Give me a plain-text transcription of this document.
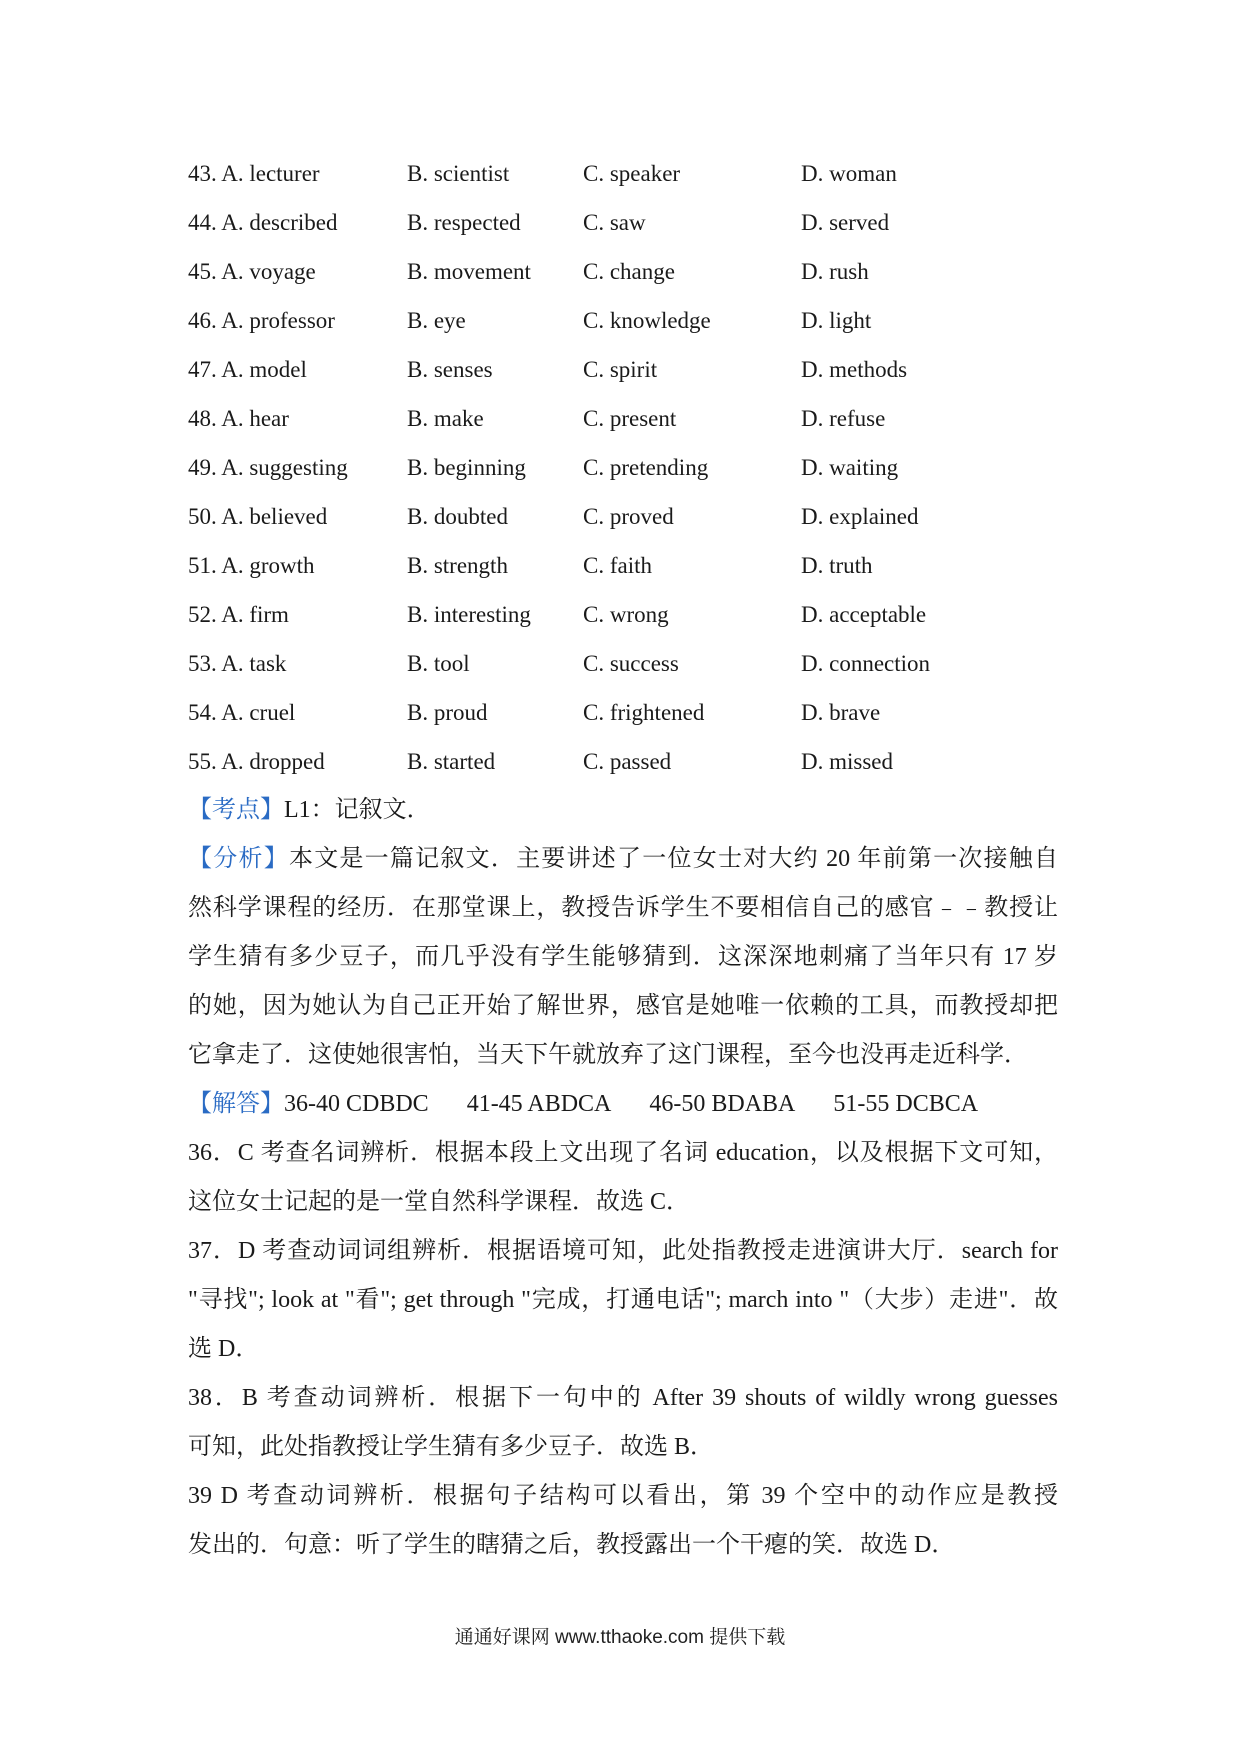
43. A. lecturer	B. scientist	C. speaker	D. woman
44. A. described	B. respected	C. saw	D. served
45. A. voyage	B. movement C. change	D. rush
46. A. professor	B. eye	C. knowledge	D. light
47. A. model	B. senses	C. spirit	D. methods
48. A. hear	B. make	C. present	D. refuse
49. A. suggesting	B. beginning C. pretending	D. waiting
50. A. believed	B. doubted	C. proved	D. explained
51. A. growth	B. strength	C. faith	D. truth
52. A. firm	B. interesting C. wrong	D. acceptable
53. A. task	B. tool	C. success	D. connection
54. A. cruel	B. proud	C. frightened	D. brave
55. A. dropped	B. started	C. passed	D. missed
【考点】L1：记叙文．
【分析】本文是一篇记叙文．主要讲述了一位女士对大约 20 年前第一次接触自
然科学课程的经历．在那堂课上，教授告诉学生不要相信自己的感官﹣﹣教授让
学生猜有多少豆子，而几乎没有学生能够猜到．这深深地刺痛了当年只有 17 岁
的她，因为她认为自己正开始了解世界，感官是她唯一依赖的工具，而教授却把
它拿走了．这使她很害怕，当天下午就放弃了这门课程，至今也没再走近科学．
【解答】36-40 CDBDC 41-45 ABDCA 46-50 BDABA 51-55 DCBCA
36．C 考查名词辨析．根据本段上文出现了名词 education，以及根据下文可知，
这位女士记起的是一堂自然科学课程．故选 C．
37．D 考查动词词组辨析．根据语境可知，此处指教授走进演讲大厅．search for
"寻找"; look at "看"; get through "完成，打通电话"; march into "（大步）走进"．故
选 D．
38．B 考查动词辨析．根据下一句中的 After 39 shouts of wildly wrong guesses
可知，此处指教授让学生猜有多少豆子．故选 B．
39 D 考查动词辨析．根据句子结构可以看出，第 39 个空中的动作应是教授
发出的．句意：听了学生的瞎猜之后，教授露出一个干瘪的笑．故选 D．
通通好课网 www.tthaoke.com 提供下载
